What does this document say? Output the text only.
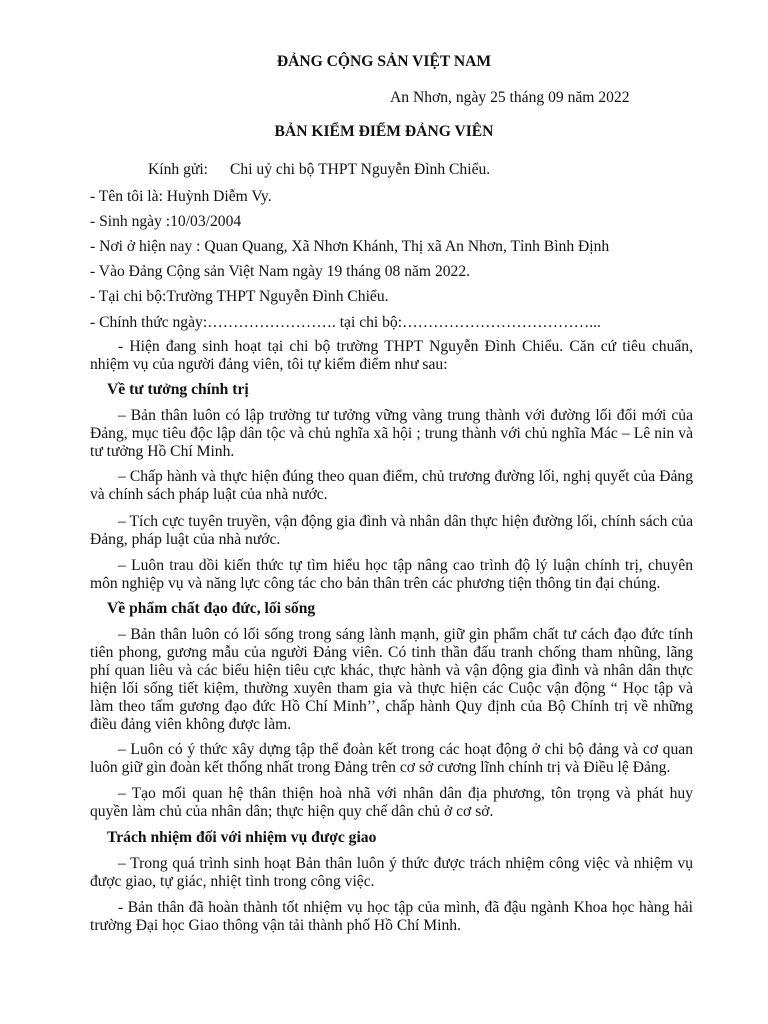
ĐẢNG CỘNG SẢN VIỆT NAM
An Nhơn, ngày 25 tháng 09 năm 2022
BẢN KIỂM ĐIỂM ĐẢNG VIÊN
Kính gửi: Chi uỷ chi bộ THPT Nguyễn Đình Chiểu.
- Tên tôi là: Huỳnh Diễm Vy.
- Sinh ngày :10/03/2004
- Nơi ở hiện nay : Quan Quang, Xã Nhơn Khánh, Thị xã An Nhơn, Tỉnh Bình Định
- Vào Đảng Cộng sản Việt Nam ngày 19 tháng 08 năm 2022.
- Tại chi bộ:Trường THPT Nguyễn Đình Chiểu.
- Chính thức ngày:……………………. tại chi bộ:………………………………...

- Hiện đang sinh hoạt tại chi bộ trường THPT Nguyễn Đình Chiểu. Căn cứ tiêu chuẩn, nhiệm vụ của người đảng viên, tôi tự kiểm điểm như sau:

Về tư tưởng chính trị

– Bản thân luôn có lập trường tư tưởng vững vàng trung thành với đường lối đổi mới của Đảng, mục tiêu độc lập dân tộc và chủ nghĩa xã hội ; trung thành với chủ nghĩa Mác – Lê nin và tư tưởng Hồ Chí Minh.

– Chấp hành và thực hiện đúng theo quan điểm, chủ trương đường lối, nghị quyết của Đảng và chính sách pháp luật của nhà nước.

– Tích cực tuyên truyền, vận động gia đình và nhân dân thực hiện đường lối, chính sách của Đảng, pháp luật của nhà nước.

– Luôn trau dồi kiến thức tự tìm hiểu học tập nâng cao trình độ lý luận chính trị, chuyên môn nghiệp vụ và năng lực công tác cho bản thân trên các phương tiện thông tin đại chúng.

Về phẩm chất đạo đức, lối sống

– Bản thân luôn có lối sống trong sáng lành mạnh, giữ gìn phẩm chất tư cách đạo đức tính tiên phong, gương mẫu của người Đảng viên. Có tinh thần đấu tranh chống tham nhũng, lãng phí quan liêu và các biểu hiện tiêu cực khác, thực hành và vận động gia đình và nhân dân thực hiện lối sống tiết kiệm, thường xuyên tham gia và thực hiện các Cuộc vận động “ Học tập và làm theo tấm gương đạo đức Hồ Chí Minh’’, chấp hành Quy định của Bộ Chính trị về những điều đảng viên không được làm.

– Luôn có ý thức xây dựng tập thể đoàn kết trong các hoạt động ở chi bộ đảng và cơ quan luôn giữ gìn đoàn kết thống nhất trong Đảng trên cơ sở cương lĩnh chính trị và Điều lệ Đảng.

– Tạo mối quan hệ thân thiện hoà nhã với nhân dân địa phương, tôn trọng và phát huy quyền làm chủ của nhân dân; thực hiện quy chế dân chủ ở cơ sở.

Trách nhiệm đối với nhiệm vụ được giao

– Trong quá trình sinh hoạt Bản thân luôn ý thức được trách nhiệm công việc và nhiệm vụ được giao, tự giác, nhiệt tình trong công việc.

- Bản thân đã hoàn thành tốt nhiệm vụ học tập của mình, đã đậu ngành Khoa học hàng hải trường Đại học Giao thông vận tải thành phố Hồ Chí Minh.
